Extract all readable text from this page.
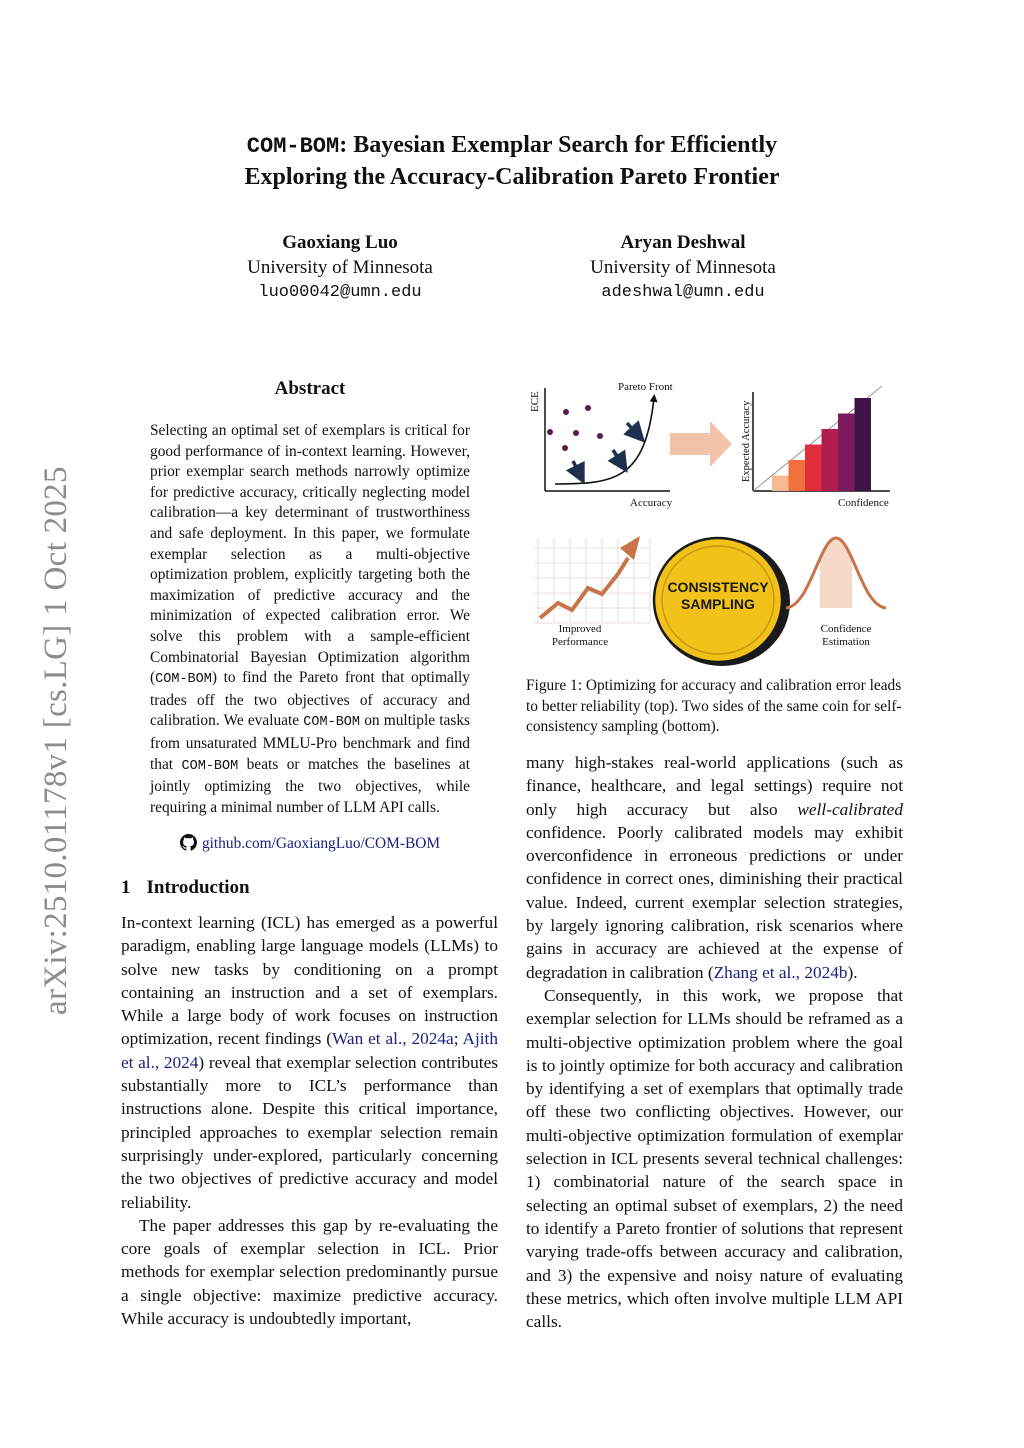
arXiv:2510.01178v1 [cs.LG] 1 Oct 2025
COM-BOM: Bayesian Exemplar Search for Efficiently
Exploring the Accuracy-Calibration Pareto Frontier
Gaoxiang Luo
University of Minnesota
luo00042@umn.edu
Aryan Deshwal
University of Minnesota
adeshwal@umn.edu
Abstract
Selecting an optimal set of exemplars is critical for good performance of in-context learning. However, prior exemplar search methods narrowly optimize for predictive accuracy, critically neglecting model calibration—a key determinant of trustworthiness and safe deployment. In this paper, we formulate exemplar selection as a multi-objective optimization problem, explicitly targeting both the maximization of predictive accuracy and the minimization of expected calibration error. We solve this problem with a sample-efficient Combinatorial Bayesian Optimization algorithm (COM-BOM) to find the Pareto front that optimally trades off the two objectives of accuracy and calibration. We evaluate COM-BOM on multiple tasks from unsaturated MMLU-Pro benchmark and find that COM-BOM beats or matches the baselines at jointly optimizing the two objectives, while requiring a minimal number of LLM API calls.
github.com/GaoxiangLuo/COM-BOM
1 Introduction

In-context learning (ICL) has emerged as a powerful paradigm, enabling large language models (LLMs) to solve new tasks by conditioning on a prompt containing an instruction and a set of exemplars. While a large body of work focuses on instruction optimization, recent findings (Wan et al., 2024a; Ajith et al., 2024) reveal that exemplar selection contributes substantially more to ICL’s performance than instructions alone. Despite this critical importance, principled approaches to exemplar selection remain surprisingly under-explored, particularly concerning the two objectives of predictive accuracy and model reliability.

The paper addresses this gap by re-evaluating the core goals of exemplar selection in ICL. Prior methods for exemplar selection predominantly pursue a single objective: maximize predictive accuracy. While accuracy is undoubtedly important,

many high-stakes real-world applications (such as finance, healthcare, and legal settings) require not only high accuracy but also well-calibrated confidence. Poorly calibrated models may exhibit overconfidence in erroneous predictions or under confidence in correct ones, diminishing their practical value. Indeed, current exemplar selection strategies, by largely ignoring calibration, risk scenarios where gains in accuracy are achieved at the expense of degradation in calibration (Zhang et al., 2024b).

Consequently, in this work, we propose that exemplar selection for LLMs should be reframed as a multi-objective optimization problem where the goal is to jointly optimize for both accuracy and calibration by identifying a set of exemplars that optimally trade off these two conflicting objectives. However, our multi-objective optimization formulation of exemplar selection in ICL presents several technical challenges: 1) combinatorial nature of the search space in selecting an optimal subset of exemplars, 2) the need to identify a Pareto frontier of solutions that represent varying trade-offs between accuracy and calibration, and 3) the expensive and noisy nature of evaluating these metrics, which often involve multiple LLM API calls.

ECE
Accuracy
Pareto Front
Expected Accuracy
Confidence
Improved
Performance
CONSISTENCY
SAMPLING
Confidence
Estimation
Figure 1: Optimizing for accuracy and calibration error leads to better reliability (top). Two sides of the same coin for self-consistency sampling (bottom).
